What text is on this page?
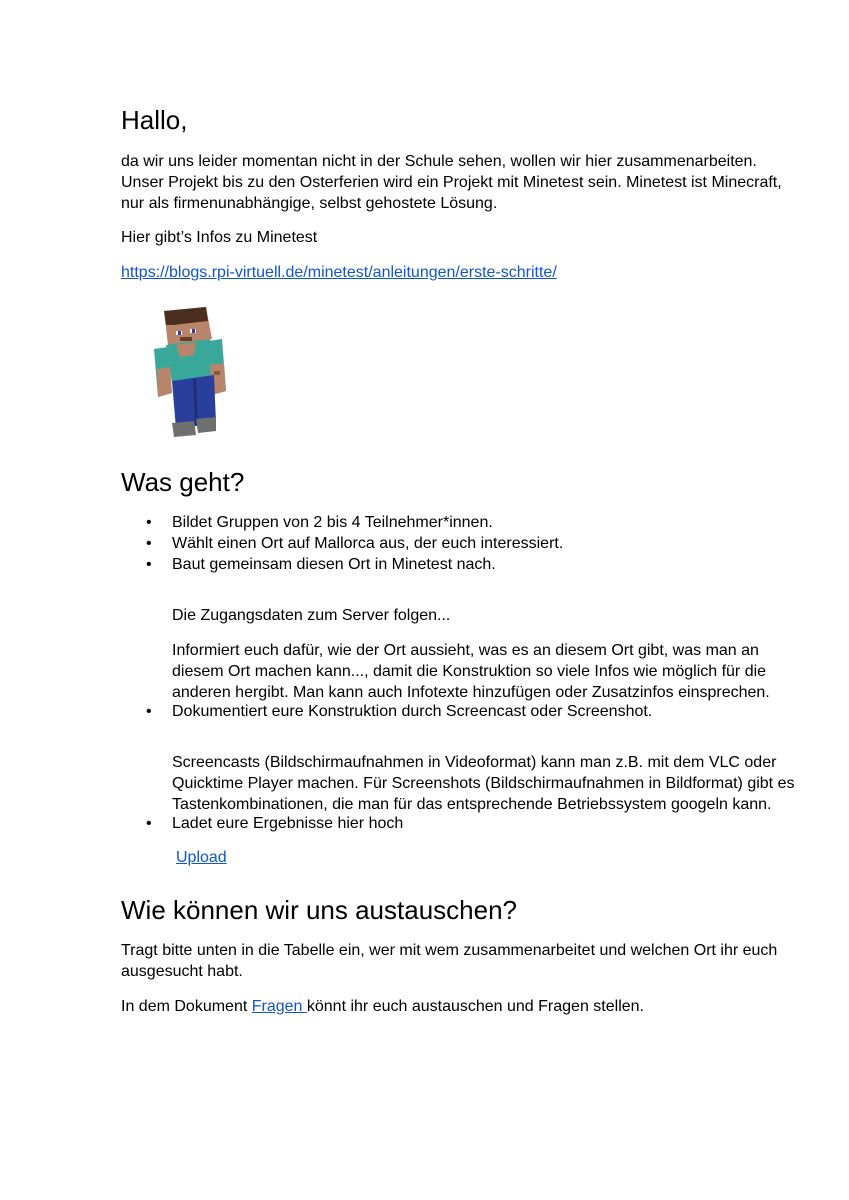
Hallo,

da wir uns leider momentan nicht in der Schule sehen, wollen wir hier zusammenarbeiten.

Unser Projekt bis zu den Osterferien wird ein Projekt mit Minetest sein. Minetest ist Minecraft,

nur als firmenunabhängige, selbst gehostete Lösung.

Hier gibt’s Infos zu Minetest

https://blogs.rpi-virtuell.de/minetest/anleitungen/erste-schritte/
Was geht?
• Bildet Gruppen von 2 bis 4 Teilnehmer*innen.
• Wählt einen Ort auf Mallorca aus, der euch interessiert.
• Baut gemeinsam diesen Ort in Minetest nach.

Die Zugangsdaten zum Server folgen...

Informiert euch dafür, wie der Ort aussieht, was es an diesem Ort gibt, was man an

diesem Ort machen kann..., damit die Konstruktion so viele Infos wie möglich für die

anderen hergibt. Man kann auch Infotexte hinzufügen oder Zusatzinfos einsprechen.

• Dokumentiert eure Konstruktion durch Screencast oder Screenshot.

Screencasts (Bildschirmaufnahmen in Videoformat) kann man z.B. mit dem VLC oder

Quicktime Player machen. Für Screenshots (Bildschirmaufnahmen in Bildformat) gibt es

Tastenkombinationen, die man für das entsprechende Betriebssystem googeln kann.

• Ladet eure Ergebnisse hier hoch
Upload
Wie können wir uns austauschen?

Tragt bitte unten in die Tabelle ein, wer mit wem zusammenarbeitet und welchen Ort ihr euch

ausgesucht habt.

In dem Dokument Fragen könnt ihr euch austauschen und Fragen stellen.
